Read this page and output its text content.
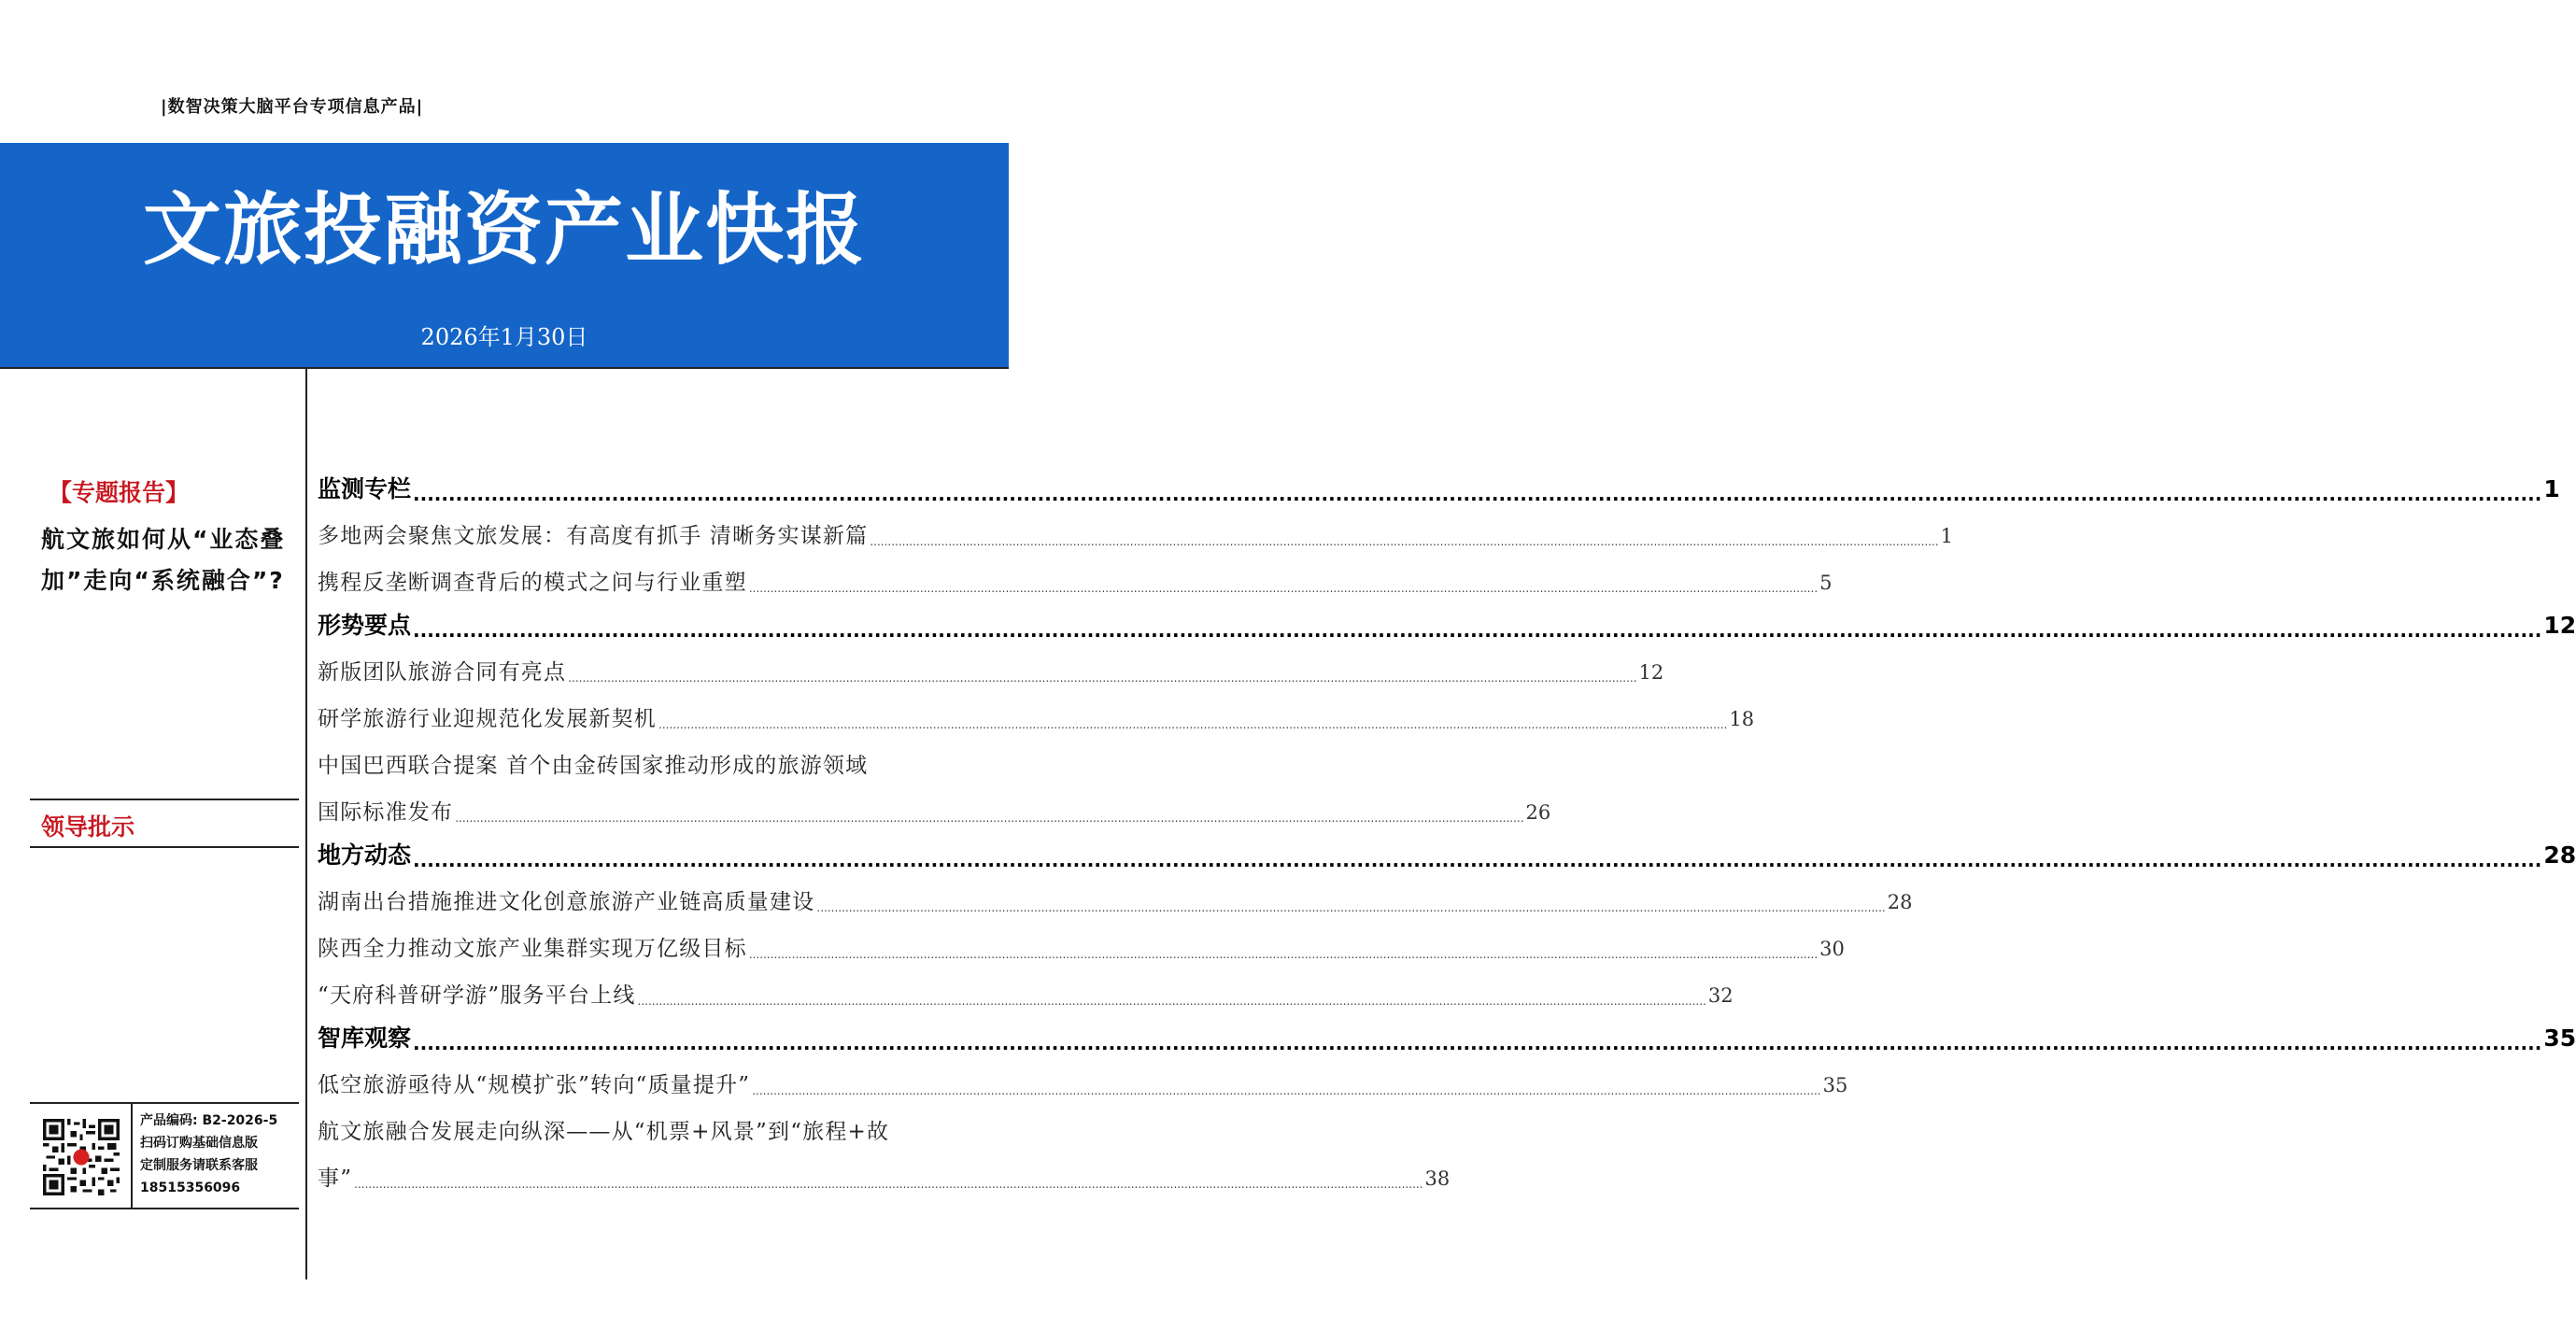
|数智决策大脑平台专项信息产品|
文旅投融资产业快报
2026年1月30日
【专题报告】
航文旅如何从“业态叠加”走向“系统融合”?
领导批示
产品编码: B2-2026-5
扫码订购基础信息版
定制服务请联系客服
18515356096
监测专栏 ............................................................................................................................................................................................................................................................................................................ 1
多地两会聚焦文旅发展：有高度有抓手 清晰务实谋新篇 ............................................................................................................................................................................................................................................................................................................ 1
携程反垄断调查背后的模式之问与行业重塑 ............................................................................................................................................................................................................................................................................................................ 5
形势要点 ............................................................................................................................................................................................................................................................................................................ 12
新版团队旅游合同有亮点 ............................................................................................................................................................................................................................................................................................................ 12
研学旅游行业迎规范化发展新契机 ............................................................................................................................................................................................................................................................................................................ 18
中国巴西联合提案 首个由金砖国家推动形成的旅游领域
国际标准发布 ............................................................................................................................................................................................................................................................................................................ 26
地方动态 ............................................................................................................................................................................................................................................................................................................ 28
湖南出台措施推进文化创意旅游产业链高质量建设 ............................................................................................................................................................................................................................................................................................................ 28
陕西全力推动文旅产业集群实现万亿级目标 ............................................................................................................................................................................................................................................................................................................ 30
“天府科普研学游”服务平台上线 ............................................................................................................................................................................................................................................................................................................ 32
智库观察 ............................................................................................................................................................................................................................................................................................................ 35
低空旅游亟待从“规模扩张”转向“质量提升” ............................................................................................................................................................................................................................................................................................................ 35
航文旅融合发展走向纵深——从“机票+风景”到“旅程+故
事” ............................................................................................................................................................................................................................................................................................................ 38
